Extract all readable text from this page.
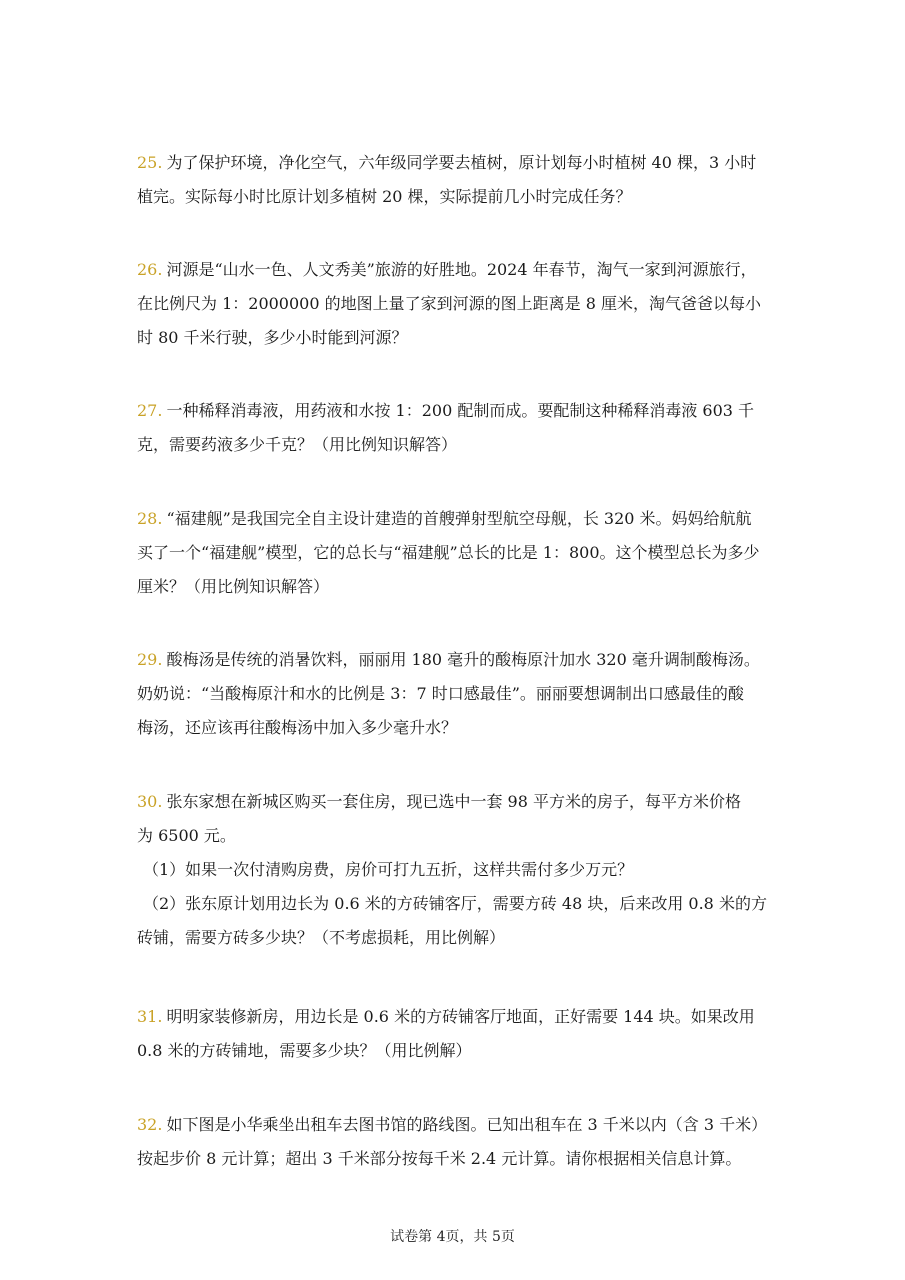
25. 为了保护环境，净化空气，六年级同学要去植树，原计划每小时植树 40 棵，3 小时
植完。实际每小时比原计划多植树 20 棵，实际提前几小时完成任务？
26. 河源是“山水一色、人文秀美”旅游的好胜地。2024 年春节，淘气一家到河源旅行，
在比例尺为 1：2000000 的地图上量了家到河源的图上距离是 8 厘米，淘气爸爸以每小
时 80 千米行驶，多少小时能到河源？
27. 一种稀释消毒液，用药液和水按 1：200 配制而成。要配制这种稀释消毒液 603 千
克，需要药液多少千克？（用比例知识解答）
28. “福建舰”是我国完全自主设计建造的首艘弹射型航空母舰，长 320 米。妈妈给航航
买了一个“福建舰”模型，它的总长与“福建舰”总长的比是 1：800。这个模型总长为多少
厘米？（用比例知识解答）
29. 酸梅汤是传统的消暑饮料，丽丽用 180 毫升的酸梅原汁加水 320 毫升调制酸梅汤。
奶奶说：“当酸梅原汁和水的比例是 3：7 时口感最佳”。丽丽要想调制出口感最佳的酸
梅汤，还应该再往酸梅汤中加入多少毫升水？
30. 张东家想在新城区购买一套住房，现已选中一套 98 平方米的房子，每平方米价格
为 6500 元。
（1）如果一次付清购房费，房价可打九五折，这样共需付多少万元？
（2）张东原计划用边长为 0.6 米的方砖铺客厅，需要方砖 48 块，后来改用 0.8 米的方
砖铺，需要方砖多少块？（不考虑损耗，用比例解）
31. 明明家装修新房，用边长是 0.6 米的方砖铺客厅地面，正好需要 144 块。如果改用
0.8 米的方砖铺地，需要多少块？（用比例解）
32. 如下图是小华乘坐出租车去图书馆的路线图。已知出租车在 3 千米以内（含 3 千米）
按起步价 8 元计算；超出 3 千米部分按每千米 2.4 元计算。请你根据相关信息计算。
试卷第 4页，共 5页
